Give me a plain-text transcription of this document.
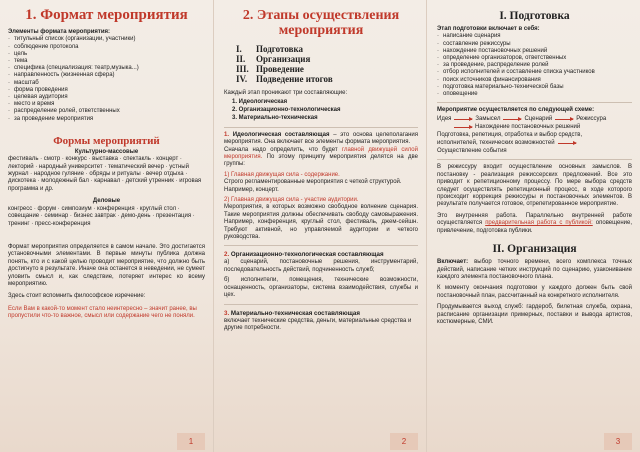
1. Формат мероприятия

Элементы формата мероприятия:

· титульный список (организации, участники)
· соблюдение протокола
· цель
· тема
· специфика (специализация: театр,музыка...)
· направленность (жизненная сфера)
· масштаб
· форма проведения
· целевая аудитория
· место и время
· распределение ролей, ответственных
· за проведение мероприятия
Формы мероприятий

Культурно-массовые

фестиваль · смотр · конкурс · выставка · спектакль · концерт · лекторий · народный университет · тематический вечер · устный журнал · народное гуляние · обряды и ритуалы · вечер отдыха · дискотека · молодежный бал · карнавал · детский утренник · игровая программа и др.

Деловые

конгресс · форум · симпозиум · конференция · круглый стол · совещание · семинар · бизнес завтрак · демо-день · презентация · тренинг · пресс-конференция

Формат мероприятия определяется в самом начале. Это достигается установочными элементами. В первые минуты публика должна понять, кто и с какой целью проводит мероприятие, что должно быть достигнуто в результате. Иначе она останется в неведении, не сумеет уловить смысл и, как следствие, потеряет интерес ко всему мероприятию.

Здесь стоит вспомнить философское изречение:

Если Вам в какой-то момент стало неинтересно – значит ранее, вы пропустили что-то важное, смысл или содержание чего не поняли.

1
2. Этапы осуществления мероприятия
I. Подготовка
II. Организация
III. Проведение
IV. Подведение итогов

Каждый этап проникают три составляющие:

1. Идеологическая
2. Организационно-технологическая
3. Материально-техническая

1. Идеологическая составляющая – это основа целеполагания мероприятия. Она включает все элементы формата мероприятия.

Сначала надо определить, что будет главной движущей силой мероприятия. По этому принципу мероприятия делятся на две группы:

1) Главная движущая сила - содержание.

Строго регламентированные мероприятия с четкой структурой. Например, концерт.

2) Главная движущая сила - участие аудитории.

Мероприятия, в которых возможно свободное волнение сценария. Такие мероприятия должны обеспечивать свободу самовыражения. Например, конференция, круглый стол, фестиваль, джем-сейшн. Требуют активной, но управляемой аудитории и четкого руководства.

2. Организационно-технологическая составляющая

а) сценарий, постановочные решения, инструментарий, последовательность действий, подчиненность служб;

б) исполнители, помещения, технические возможности, оснащенность, организаторы, система взаимодействия, службы и цех.

3. Материально-техническая составляющая

включает технические средства, деньги, материальные средства и другие потребности.

2
I. Подготовка

Этап подготовки включает в себя:

· написание сценария
· составление режиссуры
· нахождение постановочных решений
· определение организаторов, ответственных
· за проведение, распределение ролей
· отбор исполнителей и составление списка участников
· поиск источников финансирования
· подготовка материально-технической базы
· оповещение

Мероприятие осуществляется по следующей схеме:

Идея	Замысел	Сценарий	Режиссура
Нахождение постановочных решений

Подготовка, репетиция, отработка и выбор средств,

исполнителей, технических возможностей

Осуществление события

В режиссуру входит осуществление основных замыслов. В постановку - реализация режиссерских предложений. Все это приводит к репетиционному процессу. По мере выбора средств следует осуществлять репетиционный процесс, в ходе которого происходит коррекция режиссуры и постановочных элементов. В результате получается готовое, отрепетированное мероприятие.

Это внутренняя работа. Параллельно внутренней работе осуществляется предварительная работа с публикой: оповещение, привлечение, подготовка публики.

II. Организация

Включает: выбор точного времени, всего комплекса точных действий, написание четких инструкций по сценарию, узаконивание каждого элемента постановочного плана.

К моменту окончания подготовки у каждого должен быть свой постановочный план, рассчитанный на конкретного исполнителя.

Продумывается выход служб: гардероб, билетная служба, охрана, расписание организации примерных, поставки и вывода артистов, костюмерные, СМИ.

3
